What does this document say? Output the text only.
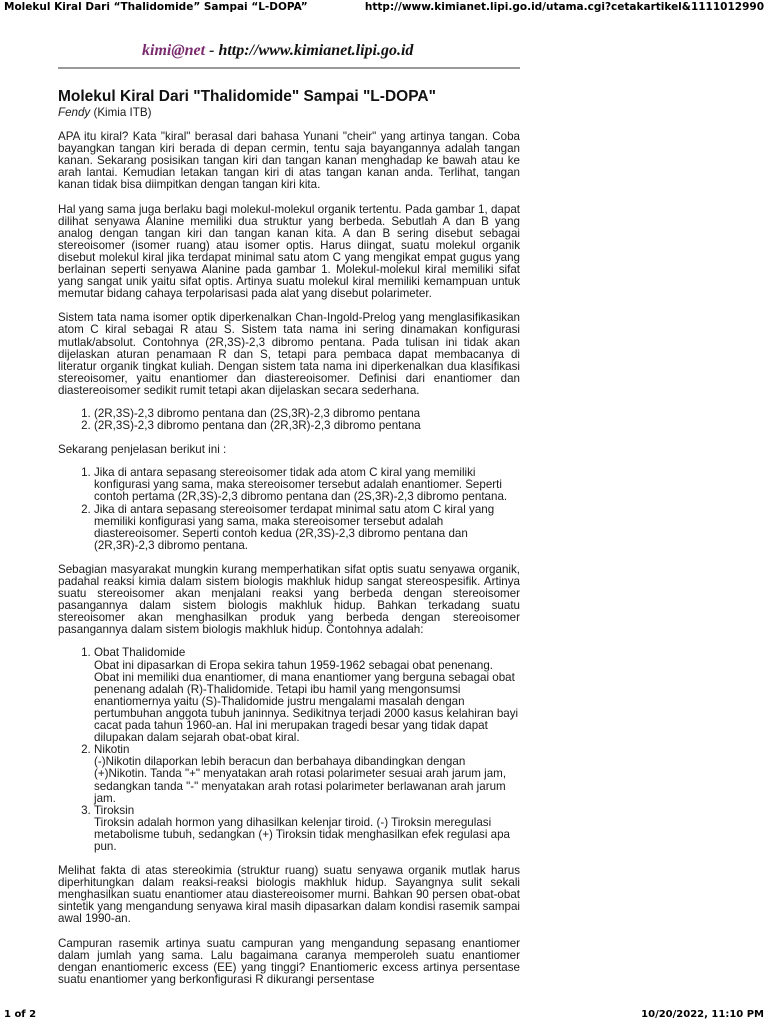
Molekul Kiral Dari “Thalidomide” Sampai “L-DOPA”	http://www.kimianet.lipi.go.id/utama.cgi?cetakartikel&1111012990
kimi@net - http://www.kimianet.lipi.go.id
Molekul Kiral Dari "Thalidomide" Sampai "L-DOPA"
Fendy (Kimia ITB)

APA itu kiral? Kata "kiral" berasal dari bahasa Yunani "cheir" yang artinya tangan. Coba bayangkan tangan kiri berada di depan cermin, tentu saja bayangannya adalah tangan kanan. Sekarang posisikan tangan kiri dan tangan kanan menghadap ke bawah atau ke arah lantai. Kemudian letakan tangan kiri di atas tangan kanan anda. Terlihat, tangan kanan tidak bisa diimpitkan dengan tangan kiri kita.

Hal yang sama juga berlaku bagi molekul-molekul organik tertentu. Pada gambar 1, dapat dilihat senyawa Alanine memiliki dua struktur yang berbeda. Sebutlah A dan B yang analog dengan tangan kiri dan tangan kanan kita. A dan B sering disebut sebagai stereoisomer (isomer ruang) atau isomer optis. Harus diingat, suatu molekul organik disebut molekul kiral jika terdapat minimal satu atom C yang mengikat empat gugus yang berlainan seperti senyawa Alanine pada gambar 1. Molekul-molekul kiral memiliki sifat yang sangat unik yaitu sifat optis. Artinya suatu molekul kiral memiliki kemampuan untuk memutar bidang cahaya terpolarisasi pada alat yang disebut polarimeter.

Sistem tata nama isomer optik diperkenalkan Chan-Ingold-Prelog yang menglasifikasikan atom C kiral sebagai R atau S. Sistem tata nama ini sering dinamakan konfigurasi mutlak/absolut. Contohnya (2R,3S)-2,3 dibromo pentana. Pada tulisan ini tidak akan dijelaskan aturan penamaan R dan S, tetapi para pembaca dapat membacanya di literatur organik tingkat kuliah. Dengan sistem tata nama ini diperkenalkan dua klasifikasi stereoisomer, yaitu enantiomer dan diastereoisomer. Definisi dari enantiomer dan diastereoisomer sedikit rumit tetapi akan dijelaskan secara sederhana.

1. (2R,3S)-2,3 dibromo pentana dan (2S,3R)-2,3 dibromo pentana
2. (2R,3S)-2,3 dibromo pentana dan (2R,3R)-2,3 dibromo pentana

Sekarang penjelasan berikut ini :

1. Jika di antara sepasang stereoisomer tidak ada atom C kiral yang memiliki konfigurasi yang sama, maka stereoisomer tersebut adalah enantiomer. Seperti contoh pertama (2R,3S)-2,3 dibromo pentana dan (2S,3R)-2,3 dibromo pentana.
2. Jika di antara sepasang stereoisomer terdapat minimal satu atom C kiral yang memiliki konfigurasi yang sama, maka stereoisomer tersebut adalah diastereoisomer. Seperti contoh kedua (2R,3S)-2,3 dibromo pentana dan (2R,3R)-2,3 dibromo pentana.

Sebagian masyarakat mungkin kurang memperhatikan sifat optis suatu senyawa organik, padahal reaksi kimia dalam sistem biologis makhluk hidup sangat stereospesifik. Artinya suatu stereoisomer akan menjalani reaksi yang berbeda dengan stereoisomer pasangannya dalam sistem biologis makhluk hidup. Bahkan terkadang suatu stereoisomer akan menghasilkan produk yang berbeda dengan stereoisomer pasangannya dalam sistem biologis makhluk hidup. Contohnya adalah:

1. Obat Thalidomide
Obat ini dipasarkan di Eropa sekira tahun 1959-1962 sebagai obat penenang. Obat ini memiliki dua enantiomer, di mana enantiomer yang berguna sebagai obat penenang adalah (R)-Thalidomide. Tetapi ibu hamil yang mengonsumsi enantiomernya yaitu (S)-Thalidomide justru mengalami masalah dengan pertumbuhan anggota tubuh janinnya. Sedikitnya terjadi 2000 kasus kelahiran bayi cacat pada tahun 1960-an. Hal ini merupakan tragedi besar yang tidak dapat dilupakan dalam sejarah obat-obat kiral.
2. Nikotin
(-)Nikotin dilaporkan lebih beracun dan berbahaya dibandingkan dengan (+)Nikotin. Tanda "+" menyatakan arah rotasi polarimeter sesuai arah jarum jam, sedangkan tanda "-" menyatakan arah rotasi polarimeter berlawanan arah jarum jam.
3. Tiroksin
Tiroksin adalah hormon yang dihasilkan kelenjar tiroid. (-) Tiroksin meregulasi metabolisme tubuh, sedangkan (+) Tiroksin tidak menghasilkan efek regulasi apa pun.

Melihat fakta di atas stereokimia (struktur ruang) suatu senyawa organik mutlak harus diperhitungkan dalam reaksi-reaksi biologis makhluk hidup. Sayangnya sulit sekali menghasilkan suatu enantiomer atau diastereoisomer murni. Bahkan 90 persen obat-obat sintetik yang mengandung senyawa kiral masih dipasarkan dalam kondisi rasemik sampai awal 1990-an.

Campuran rasemik artinya suatu campuran yang mengandung sepasang enantiomer dalam jumlah yang sama. Lalu bagaimana caranya memperoleh suatu enantiomer dengan enantiomeric excess (EE) yang tinggi? Enantiomeric excess artinya persentase suatu enantiomer yang berkonfigurasi R dikurangi persentase

1 of 2	10/20/2022, 11:10 PM
